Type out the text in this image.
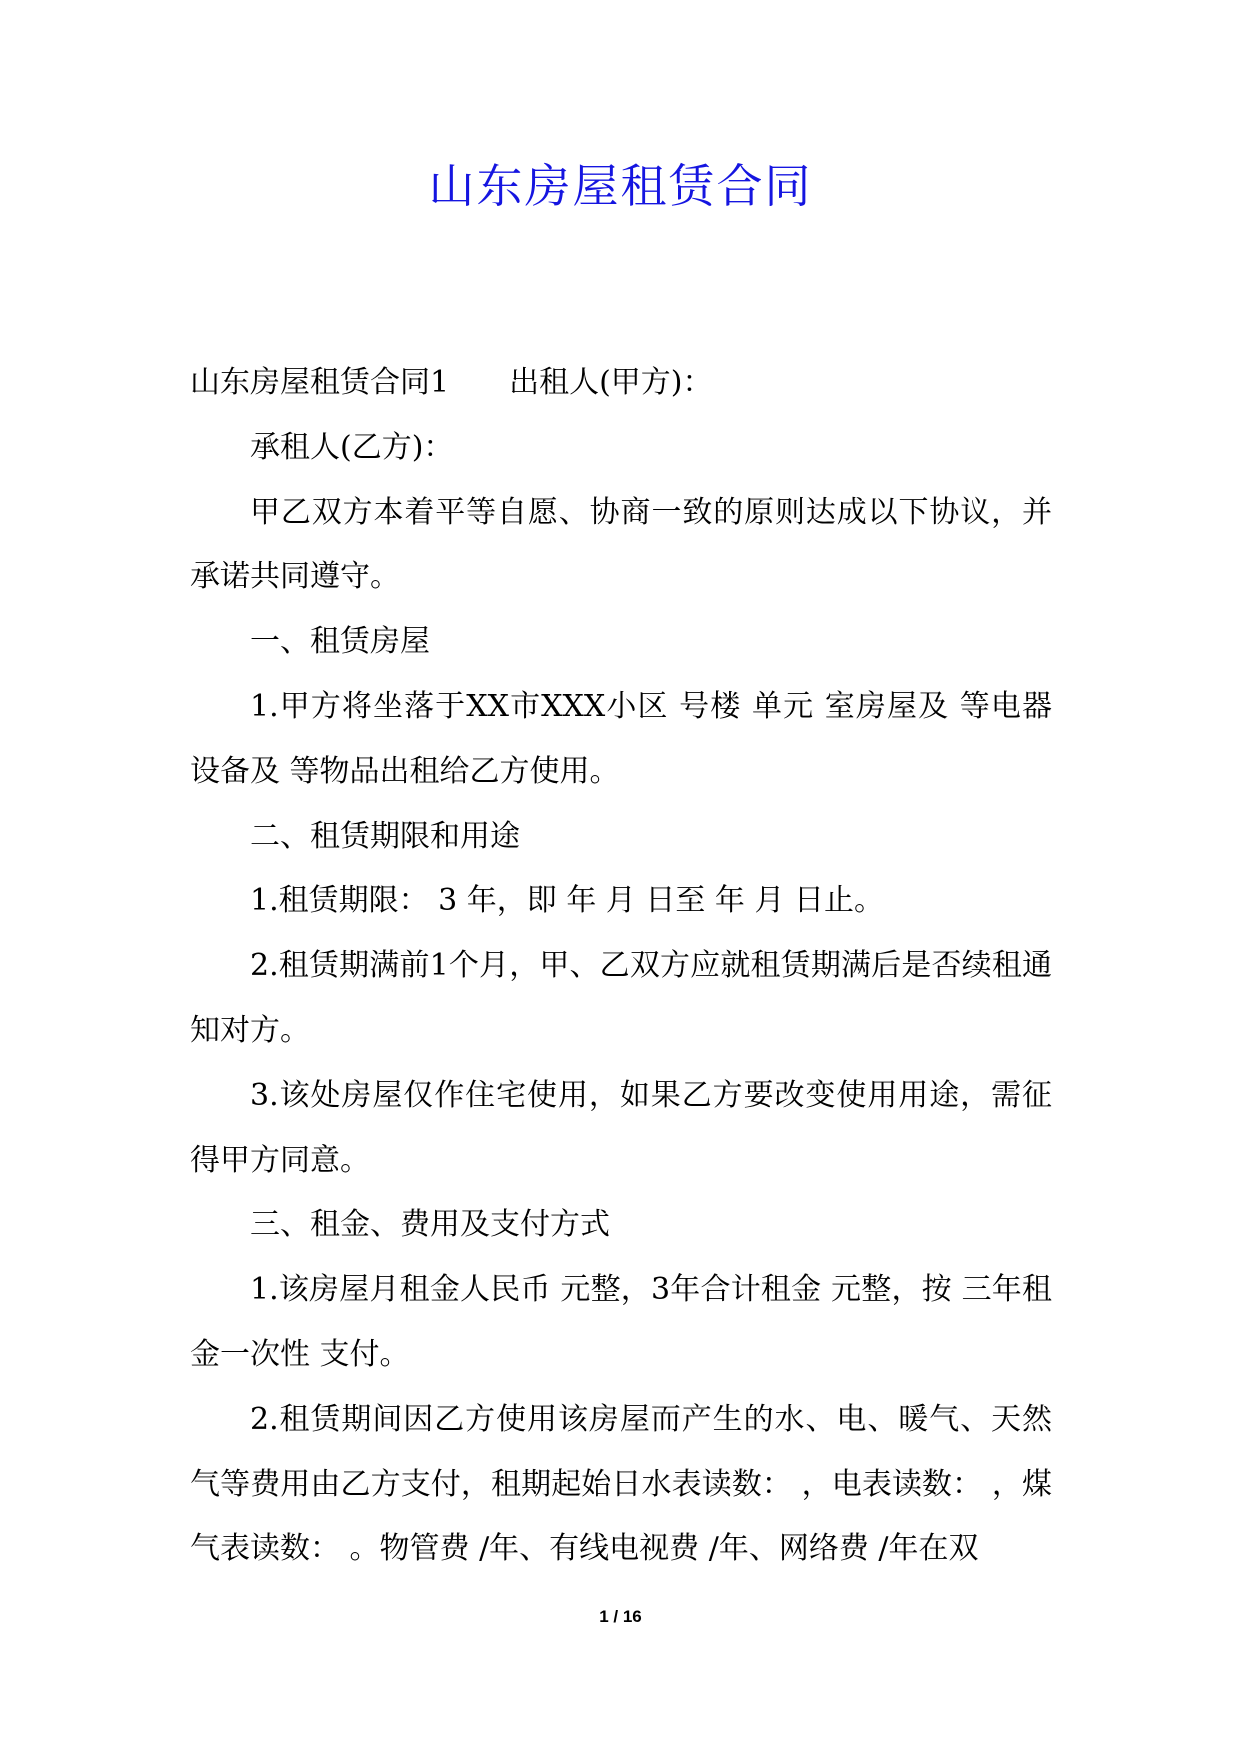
山东房屋租赁合同

山东房屋租赁合同1　　出租人(甲方)：

承租人(乙方)：

甲乙双方本着平等自愿、协商一致的原则达成以下协议，并承诺共同遵守。

一、租赁房屋

1.甲方将坐落于XX市XXX小区 号楼 单元 室房屋及 等电器设备及 等物品出租给乙方使用。

二、租赁期限和用途

1.租赁期限： 3 年，即 年 月 日至 年 月 日止。

2.租赁期满前1个月，甲、乙双方应就租赁期满后是否续租通知对方。

3.该处房屋仅作住宅使用，如果乙方要改变使用用途，需征得甲方同意。

三、租金、费用及支付方式

1.该房屋月租金人民币 元整，3年合计租金 元整，按 三年租金一次性 支付。

2.租赁期间因乙方使用该房屋而产生的水、电、暖气、天然气等费用由乙方支付，租期起始日水表读数： ，电表读数： ，煤气表读数： 。物管费 /年、有线电视费 /年、网络费 /年在双

1 / 16
